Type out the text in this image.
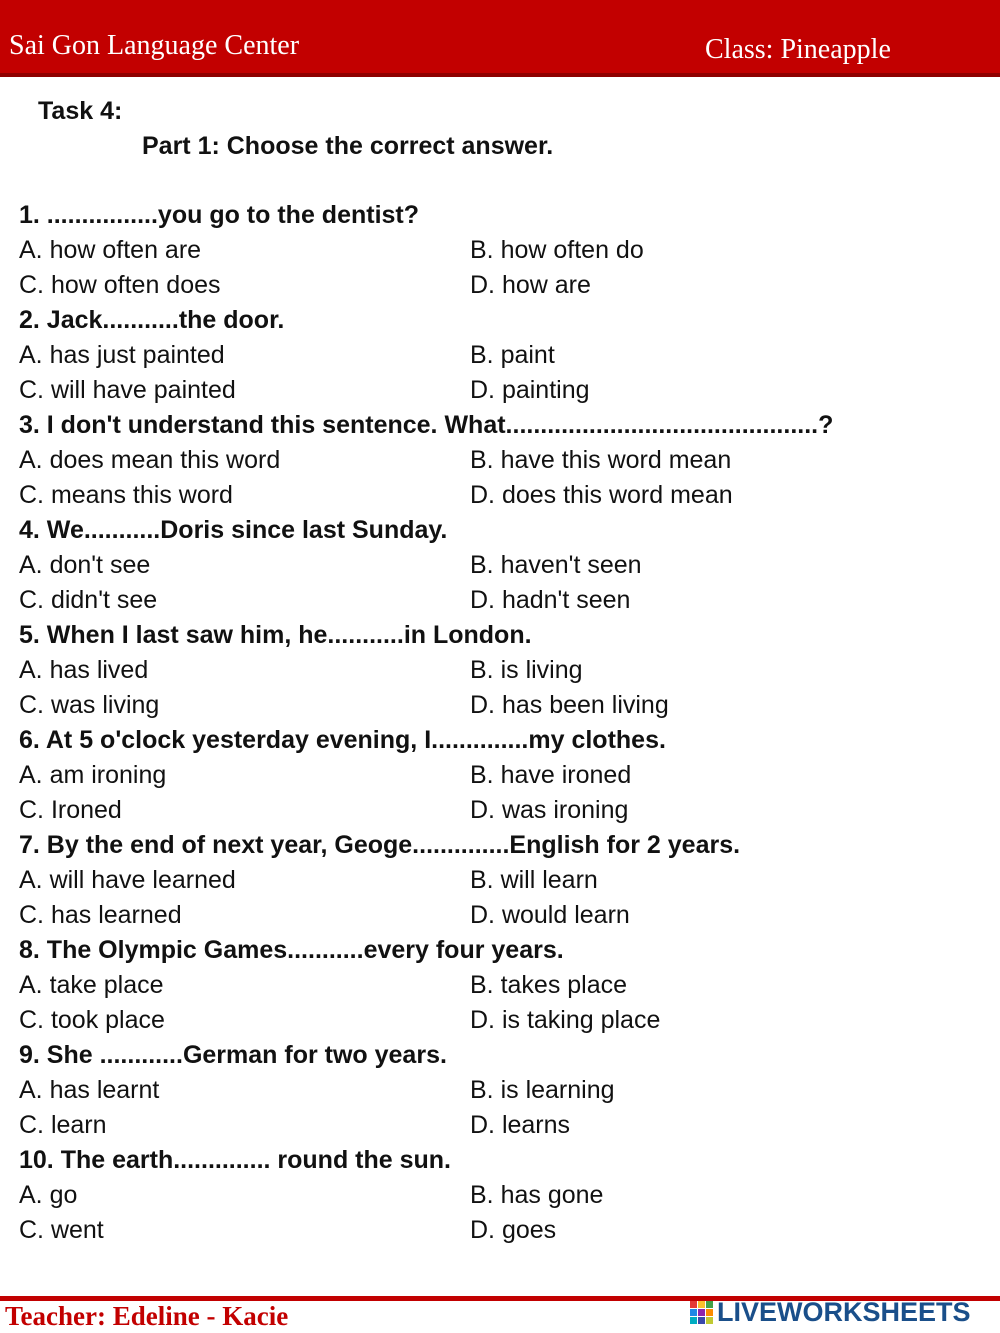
Sai Gon Language Center	Class: Pineapple
Task 4:
Part 1: Choose the correct answer.
1. ................you go to the dentist?
A. how often are	B. how often do
C. how often does	D. how are
2. Jack...........the door.
A. has just painted	B. paint
C. will have painted	D. painting
3. I don't understand this sentence. What.............................................?
A. does mean this word	B. have this word mean
C. means this word	D. does this word mean
4. We...........Doris since last Sunday.
A. don't see	B. haven't seen
C. didn't see	D. hadn't seen
5. When I last saw him, he...........in London.
A. has lived	B. is living
C. was living	D. has been living
6. At 5 o'clock yesterday evening, I..............my clothes.
A. am ironing	B. have ironed
C. Ironed	D. was ironing
7. By the end of next year, Geoge..............English for 2 years.
A. will have learned	B. will learn
C. has learned	D. would learn
8. The Olympic Games...........every four years.
A. take place	B. takes place
C. took place	D. is taking place
9. She ............German for two years.
A. has learnt	B. is learning
C. learn	D. learns
10. The earth.............. round the sun.
A. go	B. has gone
C. went	D. goes
Teacher: Edeline - Kacie	LIVEWORKSHEETS
